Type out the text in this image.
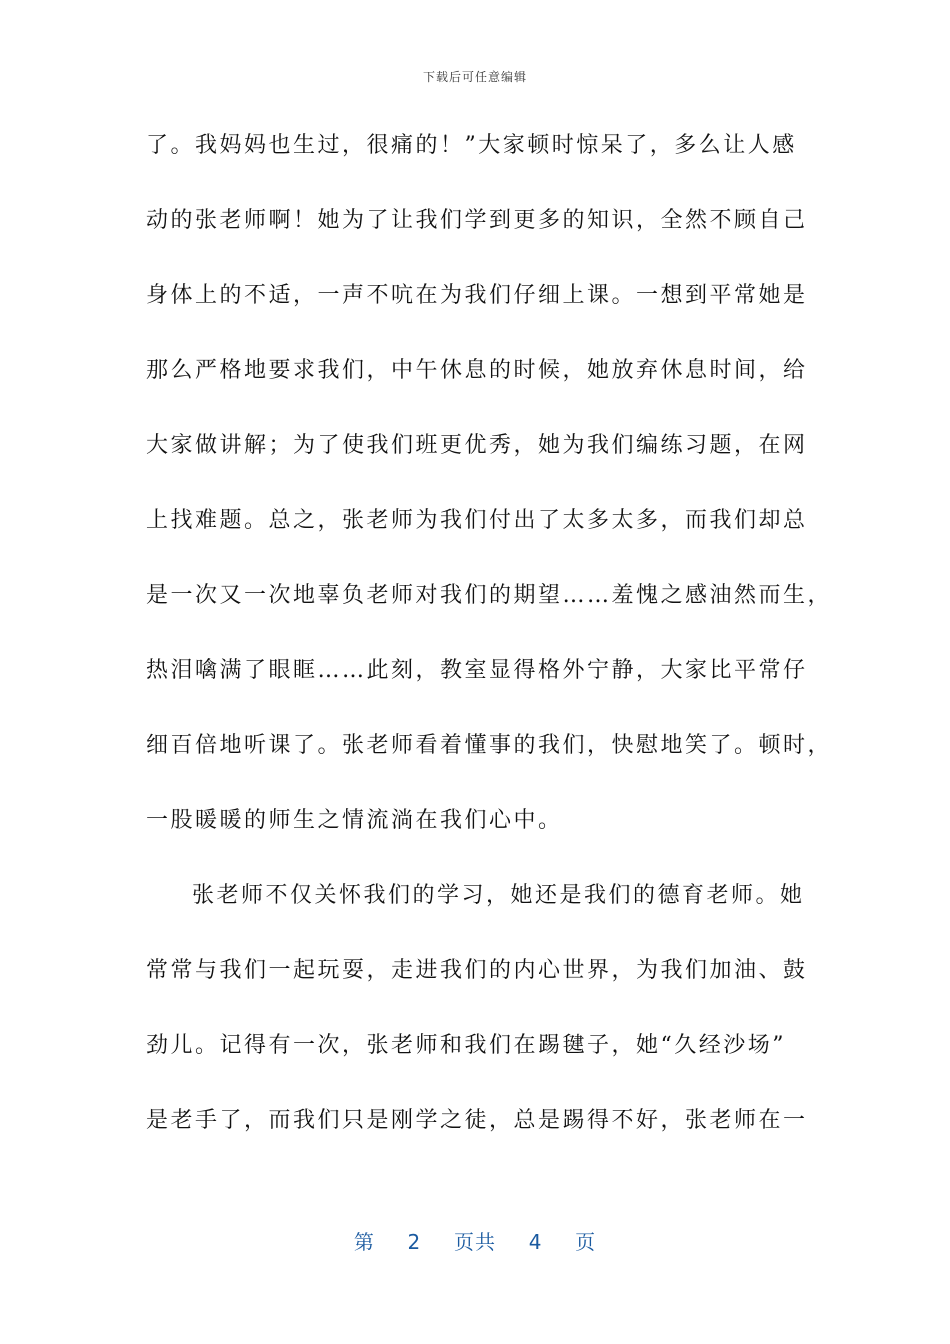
下载后可任意编辑
了。我妈妈也生过，很痛的！”大家顿时惊呆了，多么让人感
动的张老师啊！她为了让我们学到更多的知识，全然不顾自己
身体上的不适，一声不吭在为我们仔细上课。一想到平常她是
那么严格地要求我们，中午休息的时候，她放弃休息时间，给
大家做讲解；为了使我们班更优秀，她为我们编练习题，在网
上找难题。总之，张老师为我们付出了太多太多，而我们却总
是一次又一次地辜负老师对我们的期望……羞愧之感油然而生，
热泪噙满了眼眶……此刻，教室显得格外宁静，大家比平常仔
细百倍地听课了。张老师看着懂事的我们，快慰地笑了。顿时，
一股暖暖的师生之情流淌在我们心中。
张老师不仅关怀我们的学习，她还是我们的德育老师。她
常常与我们一起玩耍，走进我们的内心世界，为我们加油、鼓
劲儿。记得有一次，张老师和我们在踢毽子，她“久经沙场”
是老手了，而我们只是刚学之徒，总是踢得不好，张老师在一
第 2 页共 4 页
